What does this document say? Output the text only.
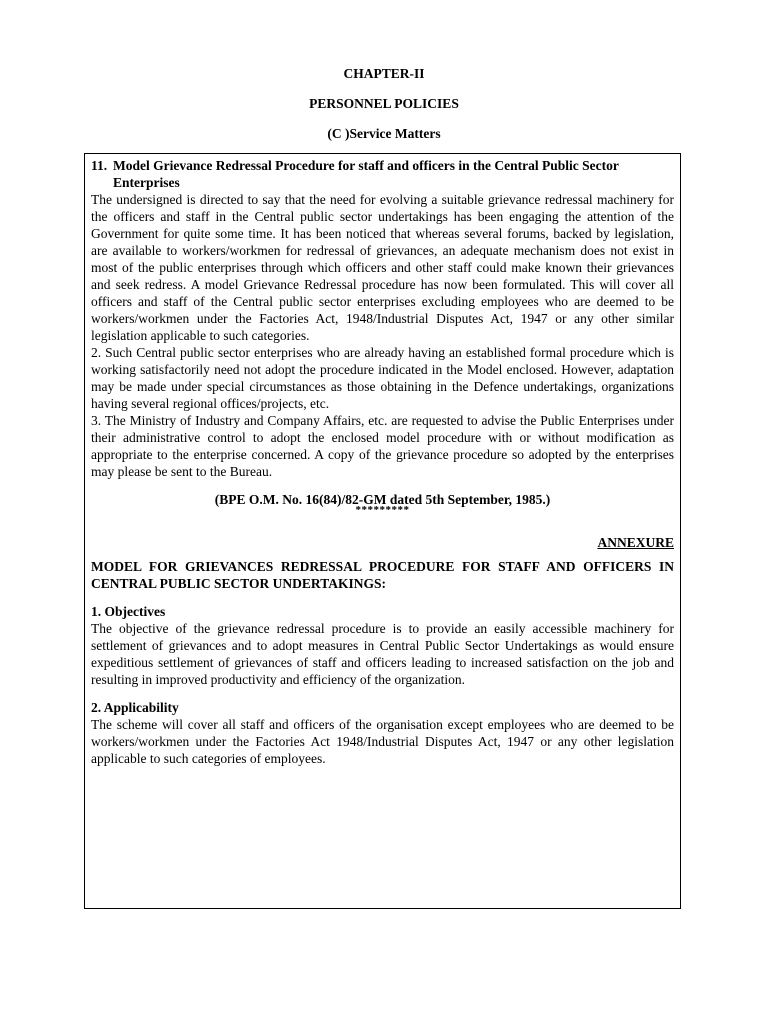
CHAPTER-II
PERSONNEL POLICIES
(C )Service Matters
11. Model Grievance Redressal Procedure for staff and officers in the Central Public Sector Enterprises

The undersigned is directed to say that the need for evolving a suitable grievance redressal machinery for the officers and staff in the Central public sector undertakings has been engaging the attention of the Government for quite some time. It has been noticed that whereas several forums, backed by legislation, are available to workers/workmen for redressal of grievances, an adequate mechanism does not exist in most of the public enterprises through which officers and other staff could make known their grievances and seek redress. A model Grievance Redressal procedure has now been formulated. This will cover all officers and staff of the Central public sector enterprises excluding employees who are deemed to be workers/workmen under the Factories Act, 1948/Industrial Disputes Act, 1947 or any other similar legislation applicable to such categories.

2. Such Central public sector enterprises who are already having an established formal procedure which is working satisfactorily need not adopt the procedure indicated in the Model enclosed. However, adaptation may be made under special circumstances as those obtaining in the Defence undertakings, organizations having several regional offices/projects, etc.

3. The Ministry of Industry and Company Affairs, etc. are requested to advise the Public Enterprises under their administrative control to adopt the enclosed model procedure with or without modification as appropriate to the enterprise concerned. A copy of the grievance procedure so adopted by the enterprises may please be sent to the Bureau.

(BPE O.M. No. 16(84)/82-GM dated 5th September, 1985.)
*********
ANNEXURE
MODEL FOR GRIEVANCES REDRESSAL PROCEDURE FOR STAFF AND OFFICERS IN CENTRAL PUBLIC SECTOR UNDERTAKINGS:
1. Objectives

The objective of the grievance redressal procedure is to provide an easily accessible machinery for settlement of grievances and to adopt measures in Central Public Sector Undertakings as would ensure expeditious settlement of grievances of staff and officers leading to increased satisfaction on the job and resulting in improved productivity and efficiency of the organization.

2. Applicability

The scheme will cover all staff and officers of the organisation except employees who are deemed to be workers/workmen under the Factories Act 1948/Industrial Disputes Act, 1947 or any other legislation applicable to such categories of employees.
